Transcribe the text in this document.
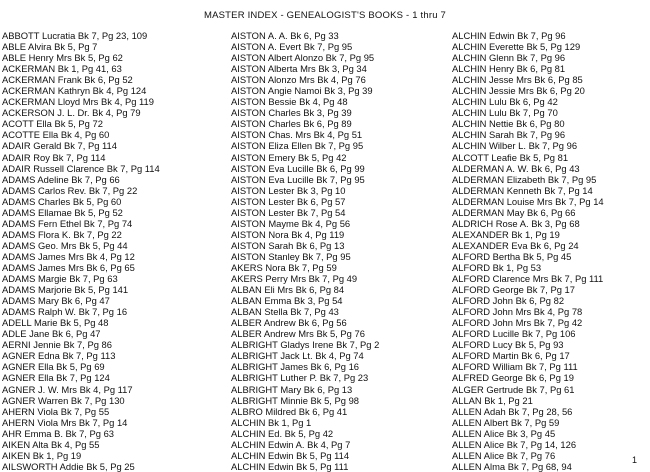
MASTER INDEX - GENEALOGIST'S BOOKS - 1 thru 7
ABBOTT Lucratia Bk 7, Pg 23, 109
ABLE Alvira Bk 5, Pg 7
ABLE Henry Mrs Bk 5, Pg 62
ACKERMAN Bk 1, Pg 41, 63
ACKERMAN Frank Bk 6, Pg 52
ACKERMAN Kathryn Bk 4, Pg 124
ACKERMAN Lloyd Mrs Bk 4, Pg 119
ACKERSON J. L. Dr. Bk 4, Pg 79
ACOTT Ella Bk 5, Pg 72
ACOTTE Ella Bk 4, Pg 60
ADAIR Gerald Bk 7, Pg 114
ADAIR Roy Bk 7, Pg 114
ADAIR Russell Clarence Bk 7, Pg 114
ADAMS Adeline Bk 7, Pg 66
ADAMS Carlos Rev. Bk 7, Pg 22
ADAMS Charles Bk 5, Pg 60
ADAMS Ellamae Bk 5, Pg 52
ADAMS Fern Ethel Bk 7, Pg 74
ADAMS Flora K. Bk 7, Pg 22
ADAMS Geo. Mrs Bk 5, Pg 44
ADAMS James Mrs Bk 4, Pg 12
ADAMS James Mrs Bk 6, Pg 65
ADAMS Margie Bk 7, Pg 63
ADAMS Marjorie Bk 5, Pg 141
ADAMS Mary Bk 6, Pg 47
ADAMS Ralph W. Bk 7, Pg 16
ADELL Marie Bk 5, Pg 48
ADLE Jane Bk 6, Pg 47
AERNI Jennie Bk 7, Pg 86
AGNER Edna Bk 7, Pg 113
AGNER Ella Bk 5, Pg 69
AGNER Ella Bk 7, Pg 124
AGNER J. W. Mrs Bk 4, Pg 117
AGNER Warren Bk 7, Pg 130
AHERN Viola Bk 7, Pg 55
AHERN Viola Mrs Bk 7, Pg 14
AHR Emma B. Bk 7, Pg 63
AIKEN Alta Bk 4, Pg 55
AIKEN Bk 1, Pg 19
AILSWORTH Addie Bk 5, Pg 25
AISTON A. A. Bk 6, Pg 33
AISTON A. Evert Bk 7, Pg 95
AISTON Albert Alonzo Bk 7, Pg 95
AISTON Alberta Mrs Bk 3, Pg 34
AISTON Alonzo Mrs Bk 4, Pg 76
AISTON Angie Namoi Bk 3, Pg 39
AISTON Bessie Bk 4, Pg 48
AISTON Charles Bk 3, Pg 39
AISTON Charles Bk 6, Pg 89
AISTON Chas. Mrs Bk 4, Pg 51
AISTON Eliza Ellen Bk 7, Pg 95
AISTON Emery Bk 5, Pg 42
AISTON Eva Lucille Bk 6, Pg 99
AISTON Eva Lucille Bk 7, Pg 95
AISTON Lester Bk 3, Pg 10
AISTON Lester Bk 6, Pg 57
AISTON Lester Bk 7, Pg 54
AISTON Mayme Bk 4, Pg 56
AISTON Nora Bk 4, Pg 119
AISTON Sarah Bk 6, Pg 13
AISTON Stanley Bk 7, Pg 95
AKERS Nora Bk 7, Pg 59
AKERS Perry Mrs Bk 7, Pg 49
ALBAN Eli Mrs Bk 6, Pg 84
ALBAN Emma Bk 3, Pg 54
ALBAN Stella Bk 7, Pg 43
ALBER Andrew Bk 6, Pg 56
ALBER Andrew Mrs Bk 5, Pg 76
ALBRIGHT Gladys Irene Bk 7, Pg 2
ALBRIGHT Jack Lt. Bk 4, Pg 74
ALBRIGHT James Bk 6, Pg 16
ALBRIGHT Luther P. Bk 7, Pg 23
ALBRIGHT Mary Bk 6, Pg 13
ALBRIGHT Minnie Bk 5, Pg 98
ALBRO Mildred Bk 6, Pg 41
ALCHIN Bk 1, Pg 1
ALCHIN Ed. Bk 5, Pg 42
ALCHIN Edwin A. Bk 4, Pg 7
ALCHIN Edwin Bk 5, Pg 114
ALCHIN Edwin Bk 5, Pg 111
ALCHIN Edwin Bk 7, Pg 96
ALCHIN Everette Bk 5, Pg 129
ALCHIN Glenn Bk 7, Pg 96
ALCHIN Henry Bk 6, Pg 81
ALCHIN Jesse Mrs Bk 6, Pg 85
ALCHIN Jessie Mrs Bk 6, Pg 20
ALCHIN Lulu Bk 6, Pg 42
ALCHIN Lulu Bk 7, Pg 70
ALCHIN Nettie Bk 6, Pg 80
ALCHIN Sarah Bk 7, Pg 96
ALCHIN Wilber L. Bk 7, Pg 96
ALCOTT Leafie Bk 5, Pg 81
ALDERMAN A. W. Bk 6, Pg 43
ALDERMAN Elizabeth Bk 7, Pg 95
ALDERMAN Kenneth Bk 7, Pg 14
ALDERMAN Louise Mrs Bk 7, Pg 14
ALDERMAN May Bk 6, Pg 66
ALDRICH Rose A. Bk 3, Pg 68
ALEXANDER Bk 1, Pg 19
ALEXANDER Eva Bk 6, Pg 24
ALFORD Bertha Bk 5, Pg 45
ALFORD Bk 1, Pg 53
ALFORD Clarence Mrs Bk 7, Pg 111
ALFORD George Bk 7, Pg 17
ALFORD John Bk 6, Pg 82
ALFORD John Mrs Bk 4, Pg 78
ALFORD John Mrs Bk 7, Pg 42
ALFORD Lucille Bk 7, Pg 106
ALFORD Lucy Bk 5, Pg 93
ALFORD Martin Bk 6, Pg 17
ALFORD William Bk 7, Pg 111
ALFRED George Bk 6, Pg 19
ALGER Gertrude Bk 7, Pg 61
ALLAN Bk 1, Pg 21
ALLEN Adah Bk 7, Pg 28, 56
ALLEN Albert Bk 7, Pg 59
ALLEN Alice Bk 3, Pg 45
ALLEN Alice Bk 7, Pg 14, 126
ALLEN Alice Bk 7, Pg 76
ALLEN Alma Bk 7, Pg 68, 94
1
